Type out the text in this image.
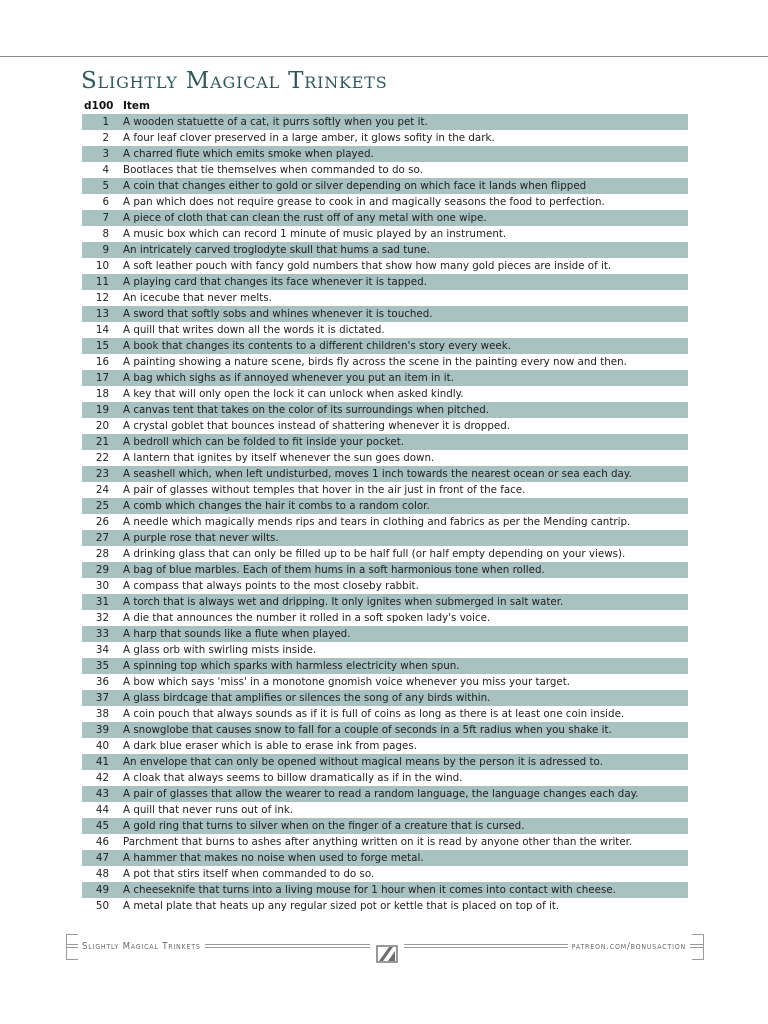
Slightly Magical Trinkets
d100 Item
1	A wooden statuette of a cat, it purrs softly when you pet it.
2	A four leaf clover preserved in a large amber, it glows sofity in the dark.
3	A charred flute which emits smoke when played.
4	Bootlaces that tie themselves when commanded to do so.
5	A coin that changes either to gold or silver depending on which face it lands when flipped
6	A pan which does not require grease to cook in and magically seasons the food to perfection.
7	A piece of cloth that can clean the rust off of any metal with one wipe.
8	A music box which can record 1 minute of music played by an instrument.
9	An intricately carved troglodyte skull that hums a sad tune.
10	A soft leather pouch with fancy gold numbers that show how many gold pieces are inside of it.
11	A playing card that changes its face whenever it is tapped.
12	An icecube that never melts.
13	A sword that softly sobs and whines whenever it is touched.
14	A quill that writes down all the words it is dictated.
15	A book that changes its contents to a different children's story every week.
16	A painting showing a nature scene, birds fly across the scene in the painting every now and then.
17	A bag which sighs as if annoyed whenever you put an item in it.
18	A key that will only open the lock it can unlock when asked kindly.
19	A canvas tent that takes on the color of its surroundings when pitched.
20	A crystal goblet that bounces instead of shattering whenever it is dropped.
21	A bedroll which can be folded to fit inside your pocket.
22	A lantern that ignites by itself whenever the sun goes down.
23	A seashell which, when left undisturbed, moves 1 inch towards the nearest ocean or sea each day.
24	A pair of glasses without temples that hover in the air just in front of the face.
25	A comb which changes the hair it combs to a random color.
26	A needle which magically mends rips and tears in clothing and fabrics as per the Mending cantrip.
27	A purple rose that never wilts.
28	A drinking glass that can only be filled up to be half full (or half empty depending on your views).
29	A bag of blue marbles. Each of them hums in a soft harmonious tone when rolled.
30	A compass that always points to the most closeby rabbit.
31	A torch that is always wet and dripping. It only ignites when submerged in salt water.
32	A die that announces the number it rolled in a soft spoken lady's voice.
33	A harp that sounds like a flute when played.
34	A glass orb with swirling mists inside.
35	A spinning top which sparks with harmless electricity when spun.
36	A bow which says 'miss' in a monotone gnomish voice whenever you miss your target.
37	A glass birdcage that amplifies or silences the song of any birds within.
38	A coin pouch that always sounds as if it is full of coins as long as there is at least one coin inside.
39	A snowglobe that causes snow to fall for a couple of seconds in a 5ft radius when you shake it.
40	A dark blue eraser which is able to erase ink from pages.
41	An envelope that can only be opened without magical means by the person it is adressed to.
42	A cloak that always seems to billow dramatically as if in the wind.
43	A pair of glasses that allow the wearer to read a random language, the language changes each day.
44	A quill that never runs out of ink.
45	A gold ring that turns to silver when on the finger of a creature that is cursed.
46	Parchment that burns to ashes after anything written on it is read by anyone other than the writer.
47	A hammer that makes no noise when used to forge metal.
48	A pot that stirs itself when commanded to do so.
49	A cheeseknife that turns into a living mouse for 1 hour when it comes into contact with cheese.
50	A metal plate that heats up any regular sized pot or kettle that is placed on top of it.
Slightly Magical Trinkets	patreon.com/bonusaction
